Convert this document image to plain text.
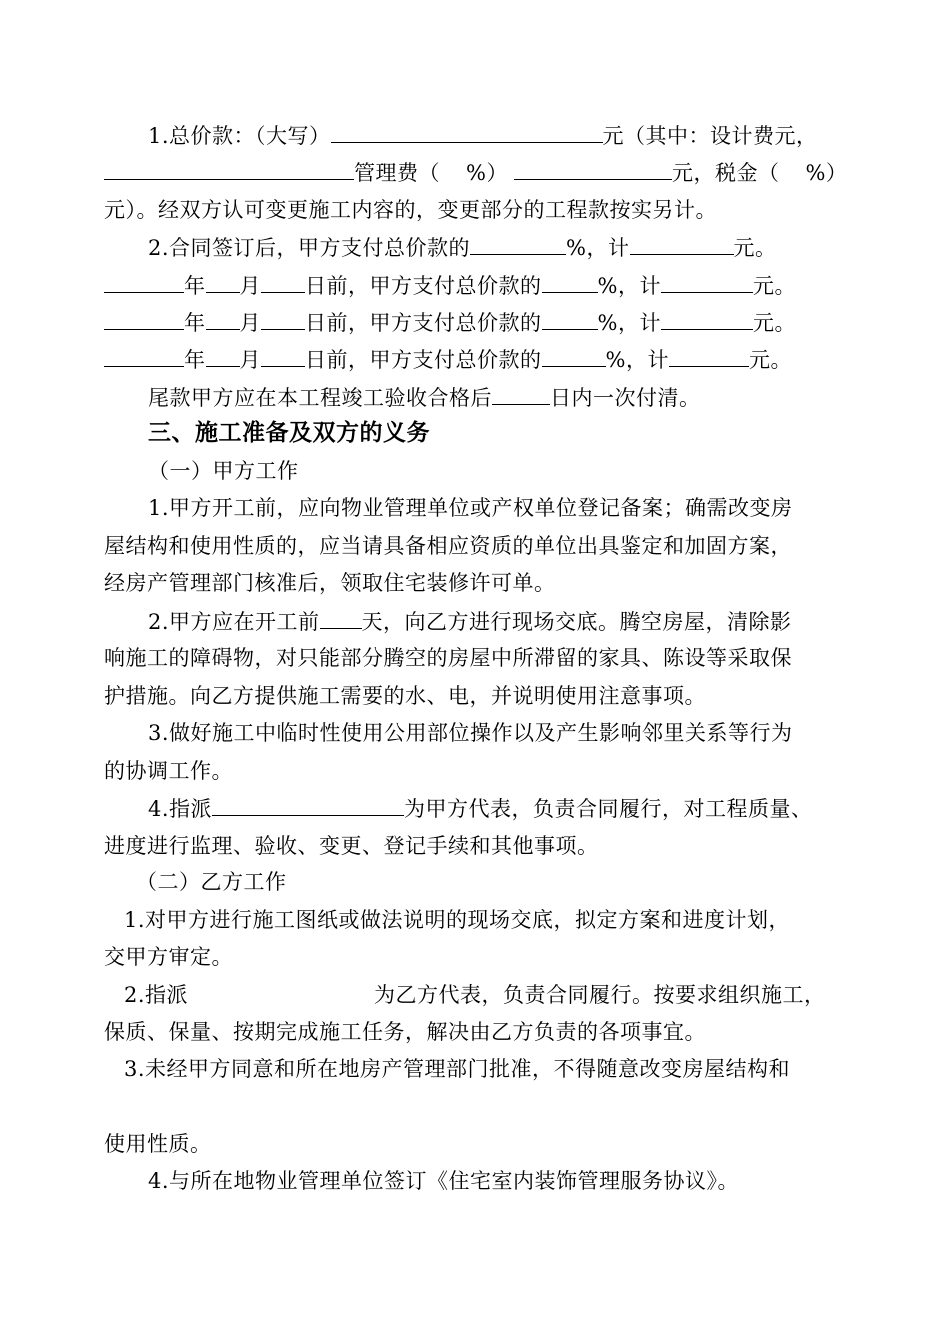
1.总价款：（大写）	元（其中：设计费元，
管理费（ %）	元，税金（ %）
元）。经双方认可变更施工内容的，变更部分的工程款按实另计。
2.合同签订后，甲方支付总价款的	%，计	元。
年 月 日前，甲方支付总价款的	%，计	元。
年 月 日前，甲方支付总价款的	%，计	元。
年 月 日前，甲方支付总价款的	%，计	元。
尾款甲方应在本工程竣工验收合格后	日内一次付清。
三、施工准备及双方的义务
（一）甲方工作
1.甲方开工前，应向物业管理单位或产权单位登记备案；确需改变房
屋结构和使用性质的，应当请具备相应资质的单位出具鉴定和加固方案，
经房产管理部门核准后，领取住宅装修许可单。
2.甲方应在开工前 天，向乙方进行现场交底。腾空房屋，清除影
响施工的障碍物，对只能部分腾空的房屋中所滞留的家具、陈设等采取保
护措施。向乙方提供施工需要的水、电，并说明使用注意事项。
3.做好施工中临时性使用公用部位操作以及产生影响邻里关系等行为
的协调工作。
4.指派	为甲方代表，负责合同履行，对工程质量、
进度进行监理、验收、变更、登记手续和其他事项。
（二）乙方工作
1.对甲方进行施工图纸或做法说明的现场交底，拟定方案和进度计划，
交甲方审定。
2.指派	为乙方代表，负责合同履行。按要求组织施工，
保质、保量、按期完成施工任务，解决由乙方负责的各项事宜。
3.未经甲方同意和所在地房产管理部门批准，不得随意改变房屋结构和
使用性质。
4.与所在地物业管理单位签订《住宅室内装饰管理服务协议》。
